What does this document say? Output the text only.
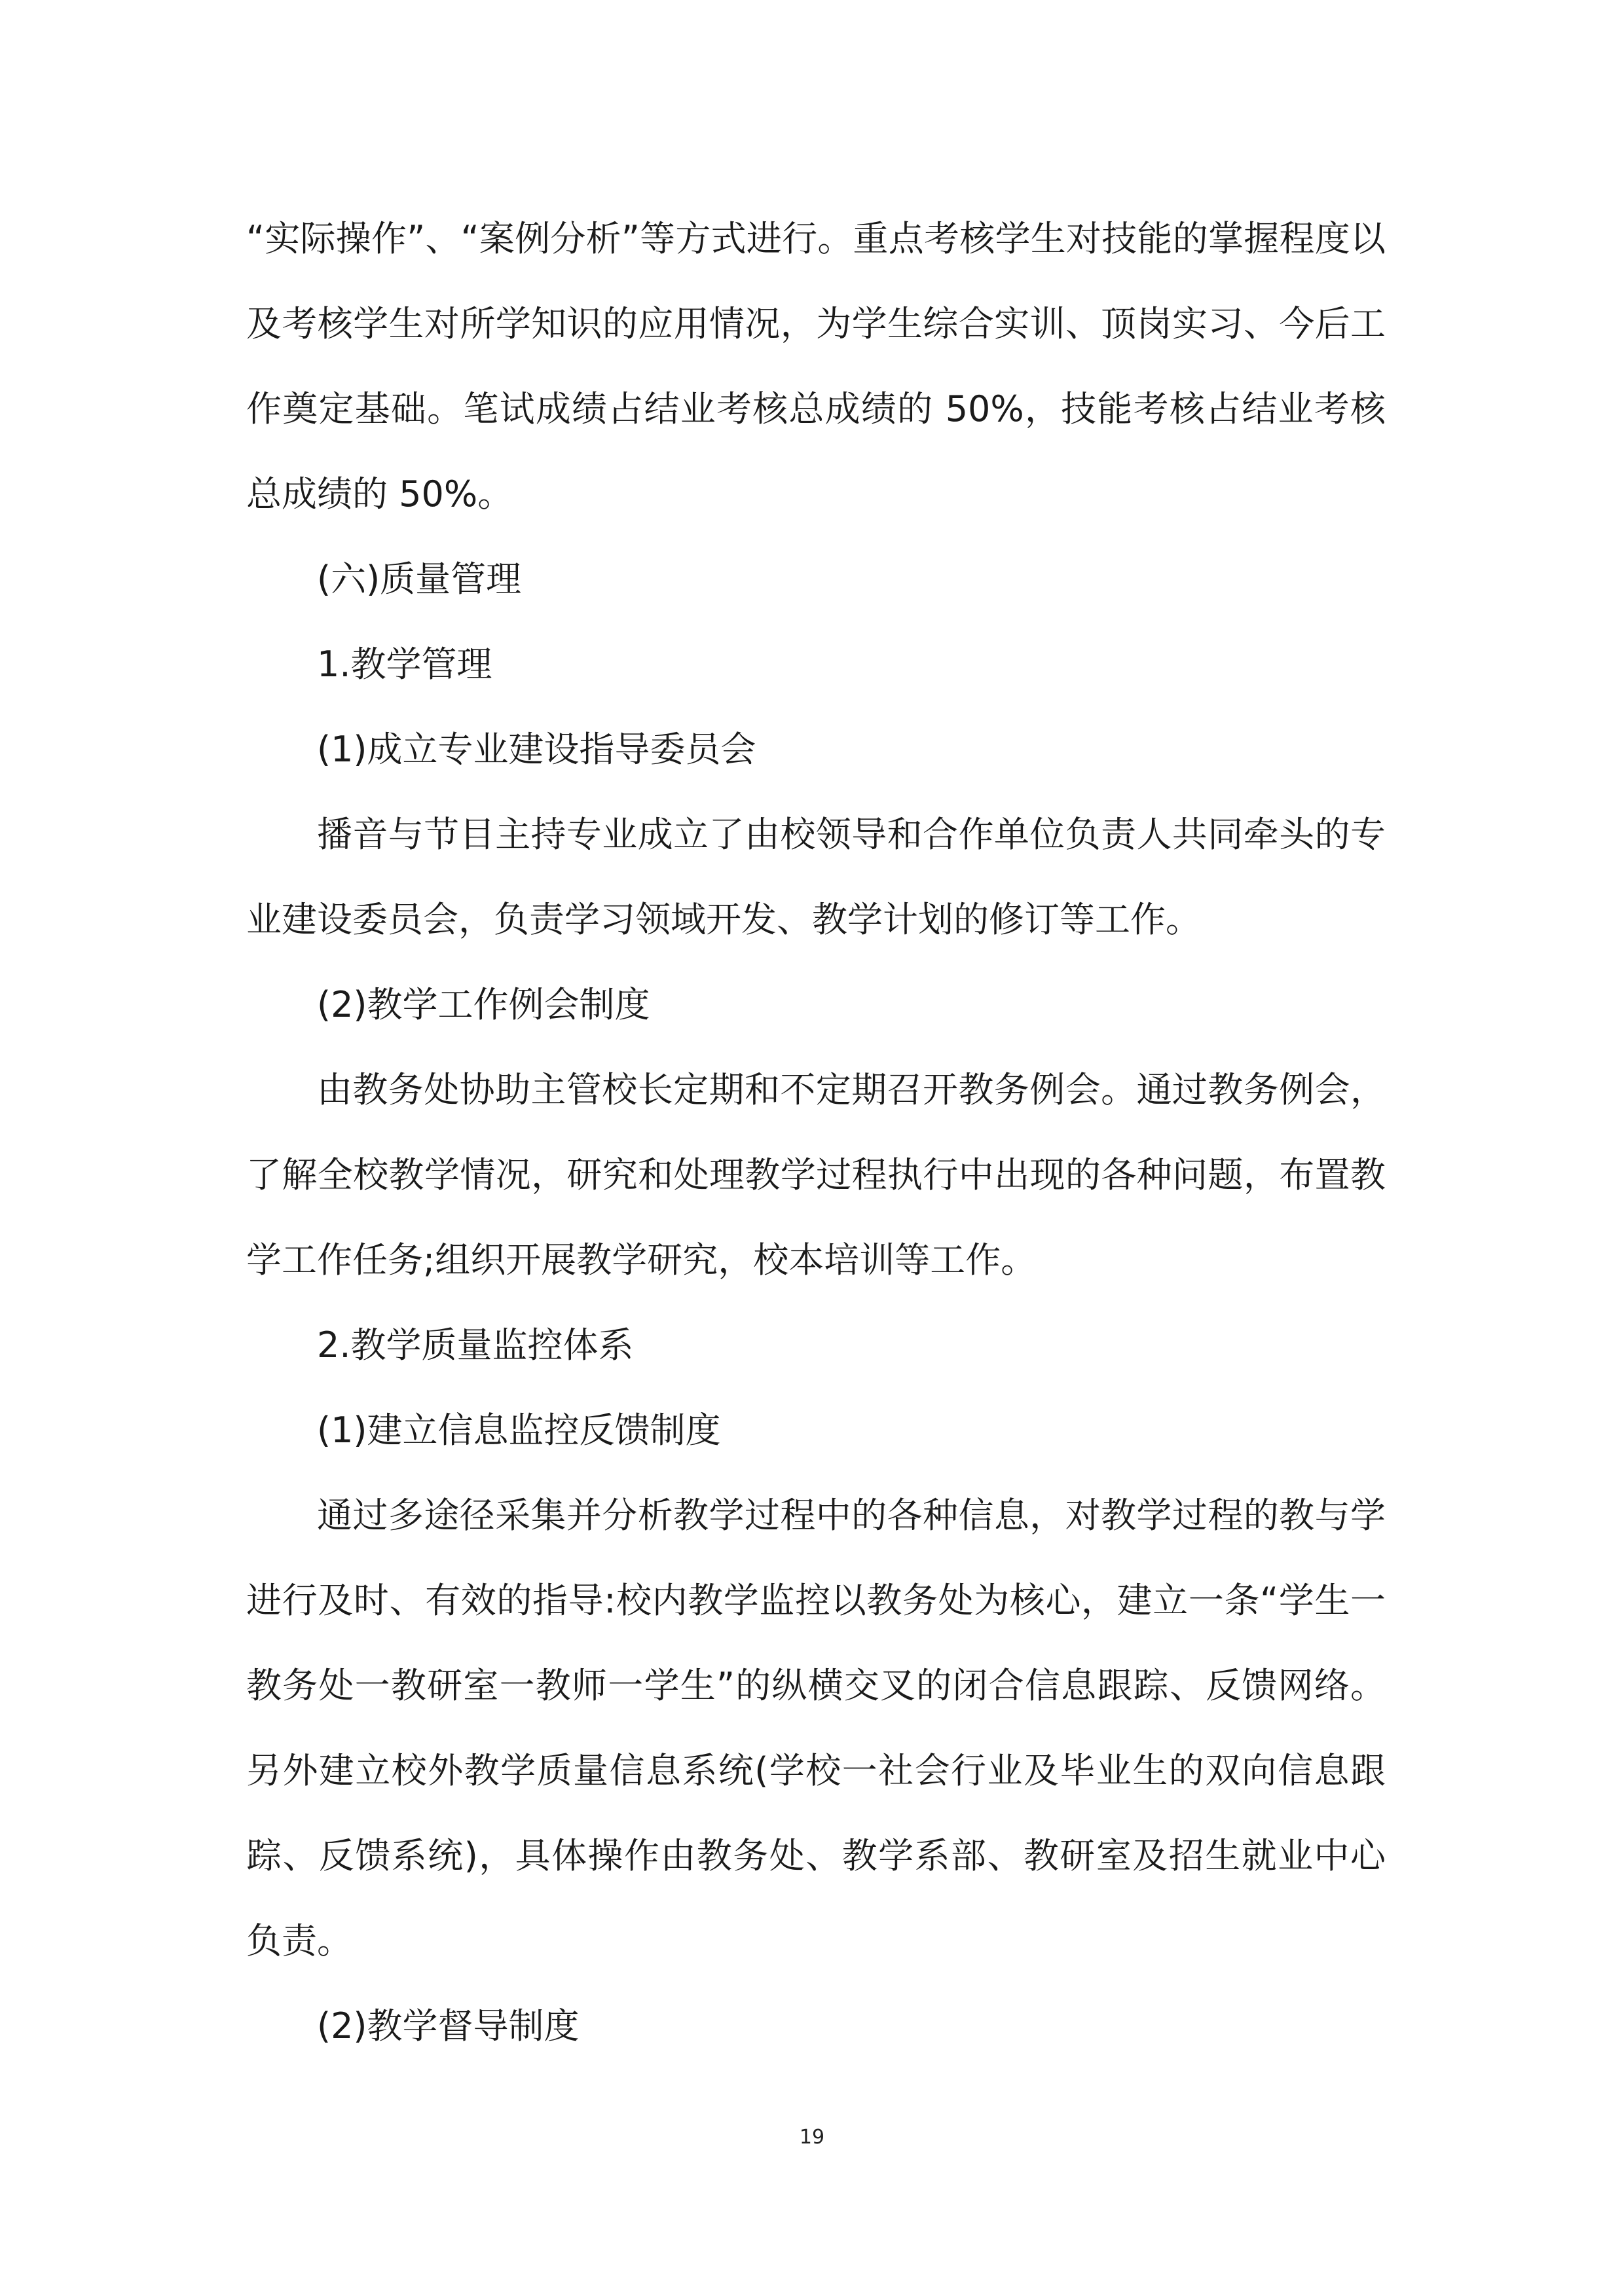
“实际操作”、“案例分析”等方式进行。重点考核学生对技能的掌握程度以及考核学生对所学知识的应用情况，为学生综合实训、顶岗实习、今后工作奠定基础。笔试成绩占结业考核总成绩的 50%，技能考核占结业考核总成绩的 50%。

(六)质量管理

1.教学管理

(1)成立专业建设指导委员会

播音与节目主持专业成立了由校领导和合作单位负责人共同牵头的专业建设委员会，负责学习领域开发、教学计划的修订等工作。

(2)教学工作例会制度

由教务处协助主管校长定期和不定期召开教务例会。通过教务例会，了解全校教学情况，研究和处理教学过程执行中出现的各种问题，布置教学工作任务;组织开展教学研究，校本培训等工作。

2.教学质量监控体系

(1)建立信息监控反馈制度

通过多途径采集并分析教学过程中的各种信息，对教学过程的教与学进行及时、有效的指导:校内教学监控以教务处为核心，建立一条“学生一教务处一教研室一教师一学生”的纵横交叉的闭合信息跟踪、反馈网络。另外建立校外教学质量信息系统(学校一社会行业及毕业生的双向信息跟踪、反馈系统)，具体操作由教务处、教学系部、教研室及招生就业中心负责。

(2)教学督导制度

19
